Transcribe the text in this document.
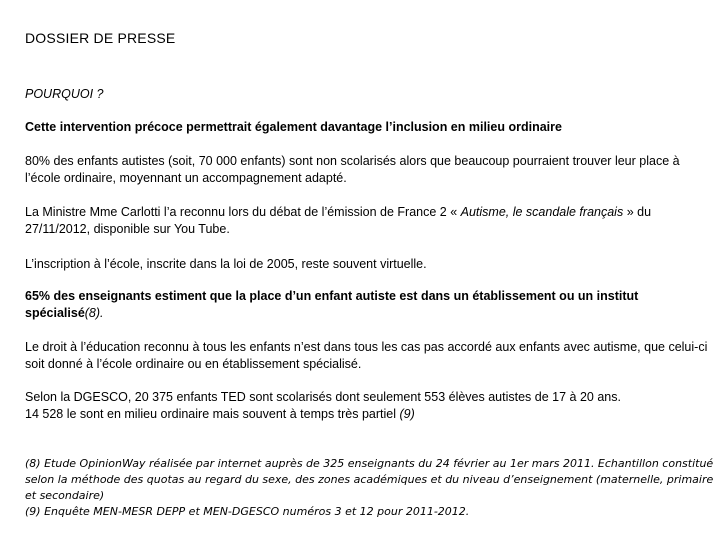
DOSSIER DE PRESSE
POURQUOI ?
Cette intervention précoce permettrait également davantage l’inclusion en milieu ordinaire
80% des enfants autistes (soit, 70 000 enfants) sont non scolarisés alors que beaucoup pourraient trouver leur place à l’école ordinaire, moyennant un accompagnement adapté.
La Ministre Mme Carlotti l’a reconnu lors du débat de l’émission de France 2 « Autisme, le scandale français » du 27/11/2012, disponible sur You Tube.
L’inscription à l’école, inscrite dans la loi de 2005, reste souvent virtuelle.
65% des enseignants estiment que la place d’un enfant autiste est dans un établissement ou un institut spécialisé(8).
Le droit à l’éducation reconnu à tous les enfants n’est dans tous les cas pas accordé aux enfants avec autisme, que celui-ci soit donné à l’école ordinaire ou en établissement spécialisé.
Selon la DGESCO, 20 375 enfants TED sont scolarisés dont seulement 553 élèves autistes de 17 à 20 ans.
14 528 le sont en milieu ordinaire mais souvent à temps très partiel (9)
(8) Etude OpinionWay réalisée par internet auprès de 325 enseignants du 24 février au 1er mars 2011. Echantillon constitué selon la méthode des quotas au regard du sexe, des zones académiques et du niveau d’enseignement (maternelle, primaire et secondaire)
(9) Enquête MEN-MESR DEPP et MEN-DGESCO numéros 3 et 12 pour 2011-2012.
